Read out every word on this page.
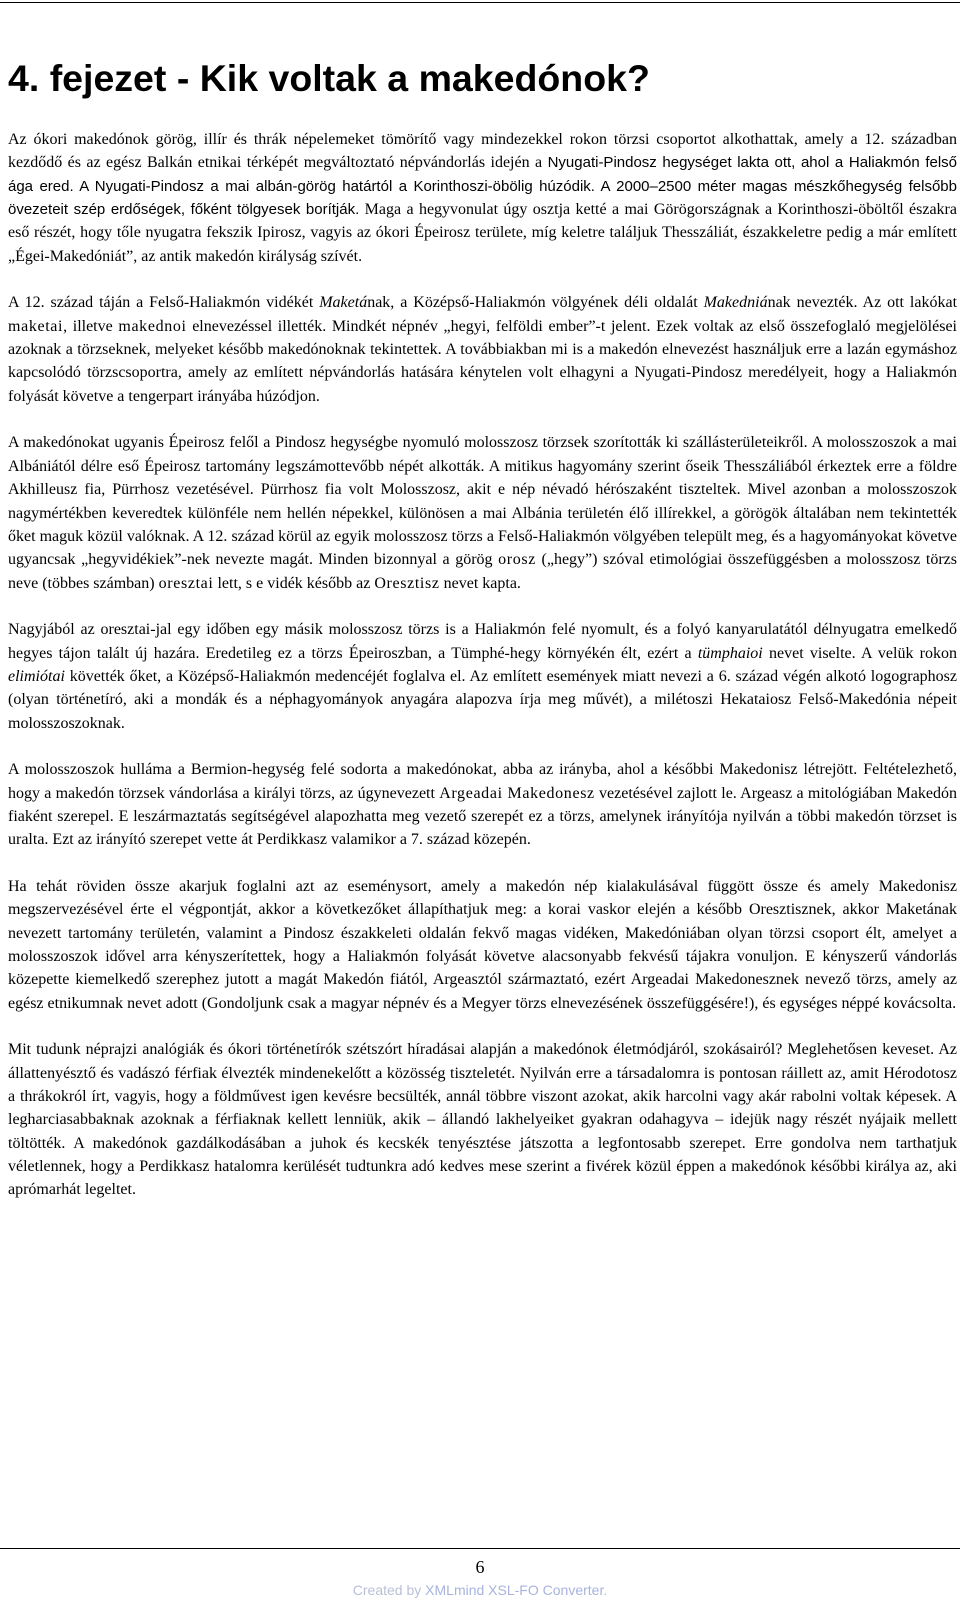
4. fejezet - Kik voltak a makedónok?

Az ókori makedónok görög, illír és thrák népelemeket tömörítő vagy mindezekkel rokon törzsi csoportot alkothattak, amely a 12. században kezdődő és az egész Balkán etnikai térképét megváltoztató népvándorlás idején a Nyugati-Pindosz hegységet lakta ott, ahol a Haliakmón felső ága ered. A Nyugati-Pindosz a mai albán-görög határtól a Korinthoszi-öbölig húzódik. A 2000–2500 méter magas mészkőhegység felsőbb övezeteit szép erdőségek, főként tölgyesek borítják. Maga a hegyvonulat úgy osztja ketté a mai Görögországnak a Korinthoszi-öböltől északra eső részét, hogy tőle nyugatra fekszik Ipirosz, vagyis az ókori Épeirosz területe, míg keletre találjuk Thesszáliát, északkeletre pedig a már említett „Égei-Makedóniát”, az antik makedón királyság szívét.

A 12. század táján a Felső-Haliakmón vidékét Maketának, a Középső-Haliakmón völgyének déli oldalát Makedniának nevezték. Az ott lakókat maketai, illetve makednoi elnevezéssel illették. Mindkét népnév „hegyi, felföldi ember”-t jelent. Ezek voltak az első összefoglaló megjelölései azoknak a törzseknek, melyeket később makedónoknak tekintettek. A továbbiakban mi is a makedón elnevezést használjuk erre a lazán egymáshoz kapcsolódó törzscsoportra, amely az említett népvándorlás hatására kénytelen volt elhagyni a Nyugati-Pindosz meredélyeit, hogy a Haliakmón folyását követve a tengerpart irányába húzódjon.

A makedónokat ugyanis Épeirosz felől a Pindosz hegységbe nyomuló molosszosz törzsek szorították ki szállásterületeikről. A molosszoszok a mai Albániától délre eső Épeirosz tartomány legszámottevőbb népét alkották. A mitikus hagyomány szerint őseik Thesszáliából érkeztek erre a földre Akhilleusz fia, Pürrhosz vezetésével. Pürrhosz fia volt Molosszosz, akit e nép névadó hérószaként tiszteltek. Mivel azonban a molosszoszok nagymértékben keveredtek különféle nem hellén népekkel, különösen a mai Albánia területén élő illírekkel, a görögök általában nem tekintették őket maguk közül valóknak. A 12. század körül az egyik molosszosz törzs a Felső-Haliakmón völgyében települt meg, és a hagyományokat követve ugyancsak „hegyvidékiek”-nek nevezte magát. Minden bizonnyal a görög orosz („hegy”) szóval etimológiai összefüggésben a molosszosz törzs neve (többes számban) oresztai lett, s e vidék később az Oresztisz nevet kapta.

Nagyjából az oresztai-jal egy időben egy másik molosszosz törzs is a Haliakmón felé nyomult, és a folyó kanyarulatától délnyugatra emelkedő hegyes tájon talált új hazára. Eredetileg ez a törzs Épeiroszban, a Tümphé-hegy környékén élt, ezért a tümphaioi nevet viselte. A velük rokon elimiótai követték őket, a Középső-Haliakmón medencéjét foglalva el. Az említett események miatt nevezi a 6. század végén alkotó logographosz (olyan történetíró, aki a mondák és a néphagyományok anyagára alapozva írja meg művét), a milétoszi Hekataiosz Felső-Makedónia népeit molosszoszoknak.

A molosszoszok hulláma a Bermion-hegység felé sodorta a makedónokat, abba az irányba, ahol a későbbi Makedonisz létrejött. Feltételezhető, hogy a makedón törzsek vándorlása a királyi törzs, az úgynevezett Argeadai Makedonesz vezetésével zajlott le. Argeasz a mitológiában Makedón fiaként szerepel. E leszármaztatás segítségével alapozhatta meg vezető szerepét ez a törzs, amelynek irányítója nyilván a többi makedón törzset is uralta. Ezt az irányító szerepet vette át Perdikkasz valamikor a 7. század közepén.

Ha tehát röviden össze akarjuk foglalni azt az eseménysort, amely a makedón nép kialakulásával függött össze és amely Makedonisz megszervezésével érte el végpontját, akkor a következőket állapíthatjuk meg: a korai vaskor elején a később Oresztisznek, akkor Maketának nevezett tartomány területén, valamint a Pindosz északkeleti oldalán fekvő magas vidéken, Makedóniában olyan törzsi csoport élt, amelyet a molosszoszok idővel arra kényszerítettek, hogy a Haliakmón folyását követve alacsonyabb fekvésű tájakra vonuljon. E kényszerű vándorlás közepette kiemelkedő szerephez jutott a magát Makedón fiától, Argeasztól származtató, ezért Argeadai Makedonesznek nevező törzs, amely az egész etnikumnak nevet adott (Gondoljunk csak a magyar népnév és a Megyer törzs elnevezésének összefüggésére!), és egységes néppé kovácsolta.

Mit tudunk néprajzi analógiák és ókori történetírók szétszórt híradásai alapján a makedónok életmódjáról, szokásairól? Meglehetősen keveset. Az állattenyésztő és vadászó férfiak élvezték mindenekelőtt a közösség tiszteletét. Nyilván erre a társadalomra is pontosan ráillett az, amit Hérodotosz a thrákokról írt, vagyis, hogy a földművest igen kevésre becsülték, annál többre viszont azokat, akik harcolni vagy akár rabolni voltak képesek. A legharciasabbaknak azoknak a férfiaknak kellett lenniük, akik – állandó lakhelyeiket gyakran odahagyva – idejük nagy részét nyájaik mellett töltötték. A makedónok gazdálkodásában a juhok és kecskék tenyésztése játszotta a legfontosabb szerepet. Erre gondolva nem tarthatjuk véletlennek, hogy a Perdikkasz hatalomra kerülését tudtunkra adó kedves mese szerint a fivérek közül éppen a makedónok későbbi királya az, aki aprómarhát legeltet.

6
Created by XMLmind XSL-FO Converter.
